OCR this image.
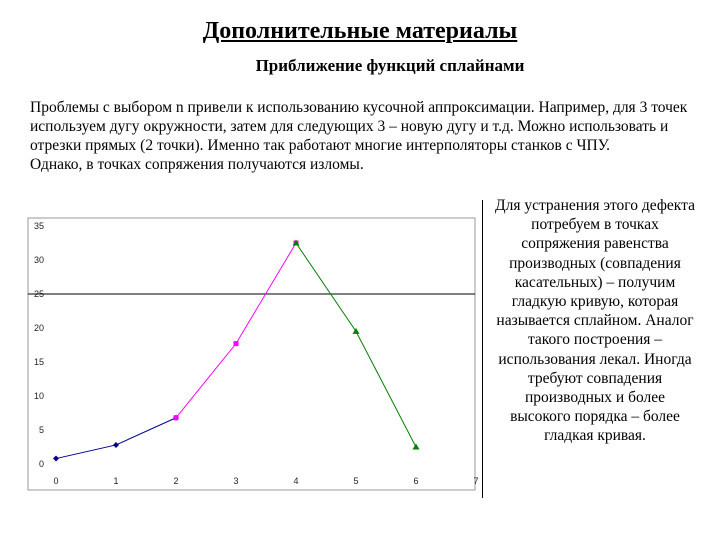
Дополнительные материалы
Приближение функций сплайнами

Проблемы с выбором n привели к использованию кусочной аппроксимации. Например, для 3 точек используем дугу окружности, затем для следующих 3 – новую дугу и т.д. Можно использовать и отрезки прямых (2 точки). Именно так работают многие интерполяторы станков с ЧПУ.

Однако, в точках сопряжения получаются изломы.

0
5
10
15
20
25
30
35
0	1	2	3	4	5	6	7
Для устранения этого дефекта потребуем в точках сопряжения равенства производных (совпадения касательных) – получим гладкую кривую, которая называется сплайном. Аналог такого построения – использования лекал. Иногда требуют совпадения производных и более высокого порядка – более гладкая кривая.
